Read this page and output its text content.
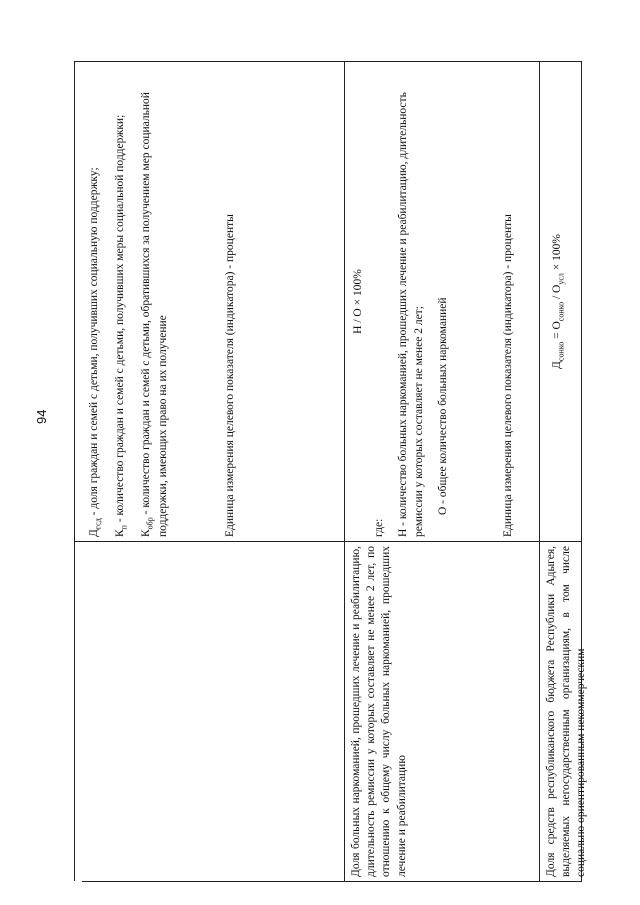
94

$Д_{гсд}$ - доля граждан и семей с детьми, получивших социальную поддержку;

$К_п$ - количество граждан и семей с детьми, получивших меры социальной поддержки;

$К_{обр}$ - количество граждан и семей с детьми, обратившихся за получением мер социальной поддержки, имеющих право на их получение	Единица измерения целевого показателя (индикатора) - проценты

Доля больных наркоманией, прошедших лечение и реабилитацию, длительность ремиссии у которых составляет не менее 2 лет, по отношению к общему числу больных наркоманией, прошедших лечение и реабилитацию
Н / О × 100%

где: Н - количество больных наркоманией, прошедших лечение и реабилитацию, длительность ремиссии у которых составляет не менее 2 лет; О - общее количество больных наркоманией	Единица измерения целевого показателя (индикатора) - проценты

Доля средств республиканского бюджета Республики Адыгея, выделяемых негосударственным организациям, в том числе социально ориентированным некоммерческим
$Д_{сонко} = О_{сонко} / О_{усл} \times 100\%$
